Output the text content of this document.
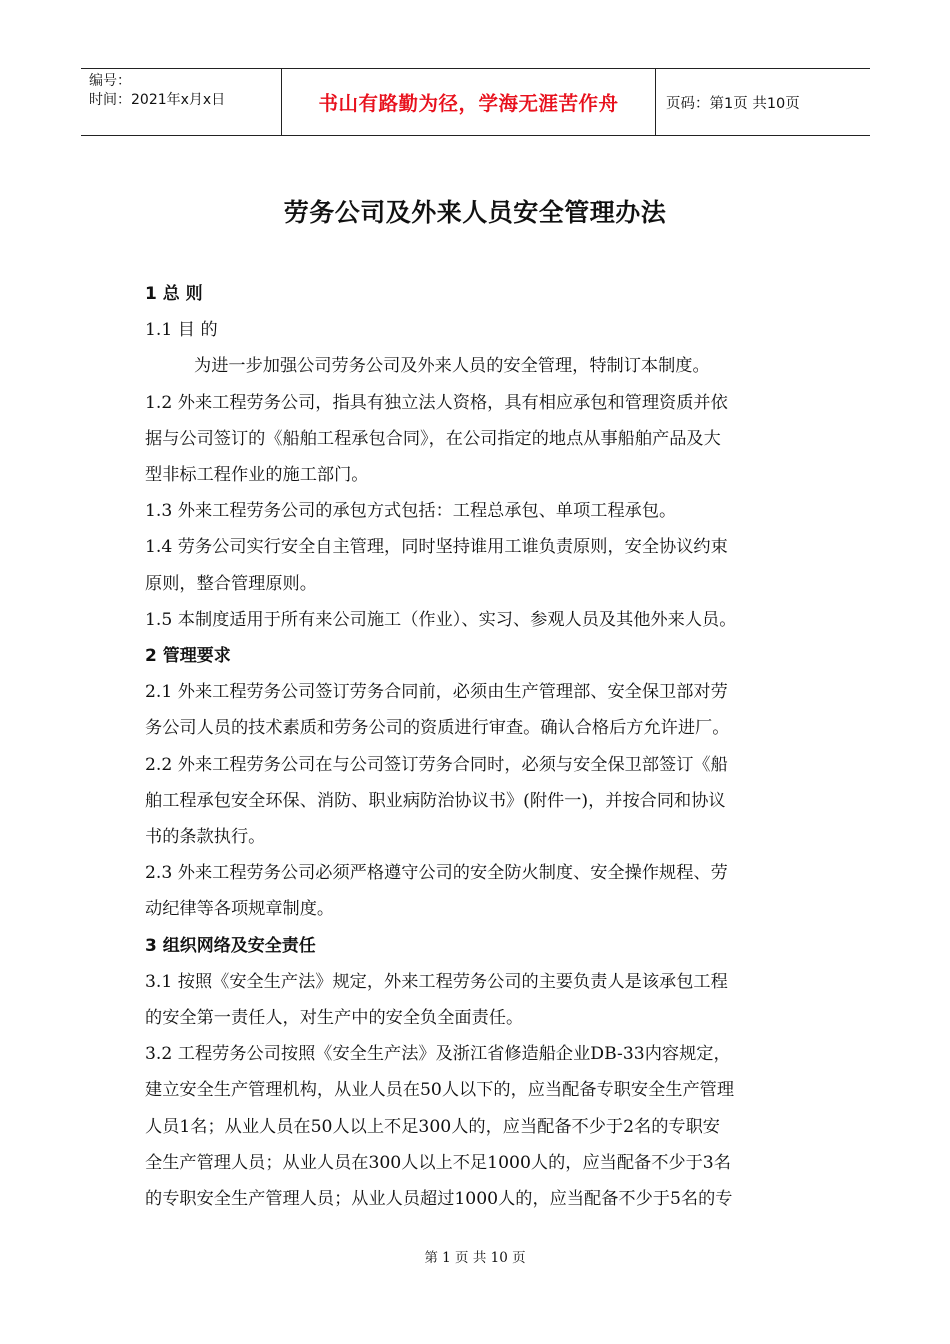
编号：
时间：2021年x月x日	书山有路勤为径，学海无涯苦作舟	页码：第1页 共10页
劳务公司及外来人员安全管理办法
1 总 则
1.1 目 的
为进一步加强公司劳务公司及外来人员的安全管理，特制订本制度。
1.2 外来工程劳务公司，指具有独立法人资格，具有相应承包和管理资质并依
据与公司签订的《船舶工程承包合同》，在公司指定的地点从事船舶产品及大
型非标工程作业的施工部门。
1.3 外来工程劳务公司的承包方式包括：工程总承包、单项工程承包。
1.4 劳务公司实行安全自主管理，同时坚持谁用工谁负责原则，安全协议约束
原则，整合管理原则。
1.5 本制度适用于所有来公司施工（作业）、实习、参观人员及其他外来人员。
2 管理要求
2.1 外来工程劳务公司签订劳务合同前，必须由生产管理部、安全保卫部对劳
务公司人员的技术素质和劳务公司的资质进行审查。确认合格后方允许进厂。
2.2 外来工程劳务公司在与公司签订劳务合同时，必须与安全保卫部签订《船
舶工程承包安全环保、消防、职业病防治协议书》(附件一)，并按合同和协议
书的条款执行。
2.3 外来工程劳务公司必须严格遵守公司的安全防火制度、安全操作规程、劳
动纪律等各项规章制度。
3 组织网络及安全责任
3.1 按照《安全生产法》规定，外来工程劳务公司的主要负责人是该承包工程
的安全第一责任人，对生产中的安全负全面责任。
3.2 工程劳务公司按照《安全生产法》及浙江省修造船企业DB-33内容规定，
建立安全生产管理机构，从业人员在50人以下的，应当配备专职安全生产管理
人员1名；从业人员在50人以上不足300人的，应当配备不少于2名的专职安
全生产管理人员；从业人员在300人以上不足1000人的，应当配备不少于3名
的专职安全生产管理人员；从业人员超过1000人的，应当配备不少于5名的专
第 1 页 共 10 页
